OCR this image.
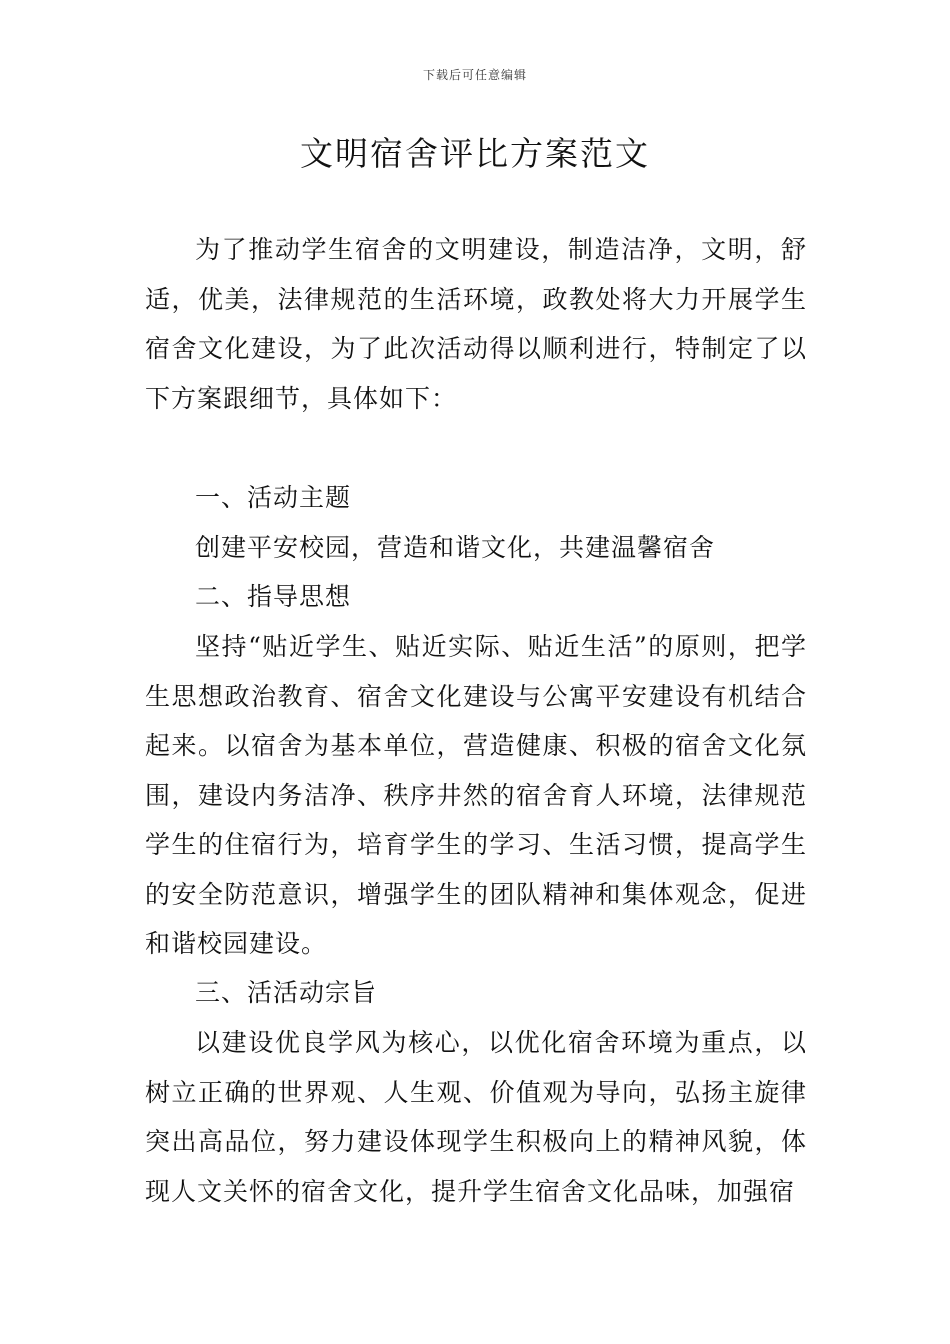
下载后可任意编辑
文明宿舍评比方案范文

为了推动学生宿舍的文明建设，制造洁净，文明，舒适，优美，法律规范的生活环境，政教处将大力开展学生宿舍文化建设，为了此次活动得以顺利进行，特制定了以下方案跟细节，具体如下：

一、活动主题

创建平安校园，营造和谐文化，共建温馨宿舍

二、指导思想

坚持“贴近学生、贴近实际、贴近生活”的原则，把学生思想政治教育、宿舍文化建设与公寓平安建设有机结合起来。以宿舍为基本单位，营造健康、积极的宿舍文化氛围，建设内务洁净、秩序井然的宿舍育人环境，法律规范学生的住宿行为，培育学生的学习、生活习惯，提高学生的安全防范意识，增强学生的团队精神和集体观念，促进和谐校园建设。

三、活活动宗旨

以建设优良学风为核心，以优化宿舍环境为重点，以树立正确的世界观、人生观、价值观为导向，弘扬主旋律突出高品位，努力建设体现学生积极向上的精神风貌，体现人文关怀的宿舍文化，提升学生宿舍文化品味，加强宿
